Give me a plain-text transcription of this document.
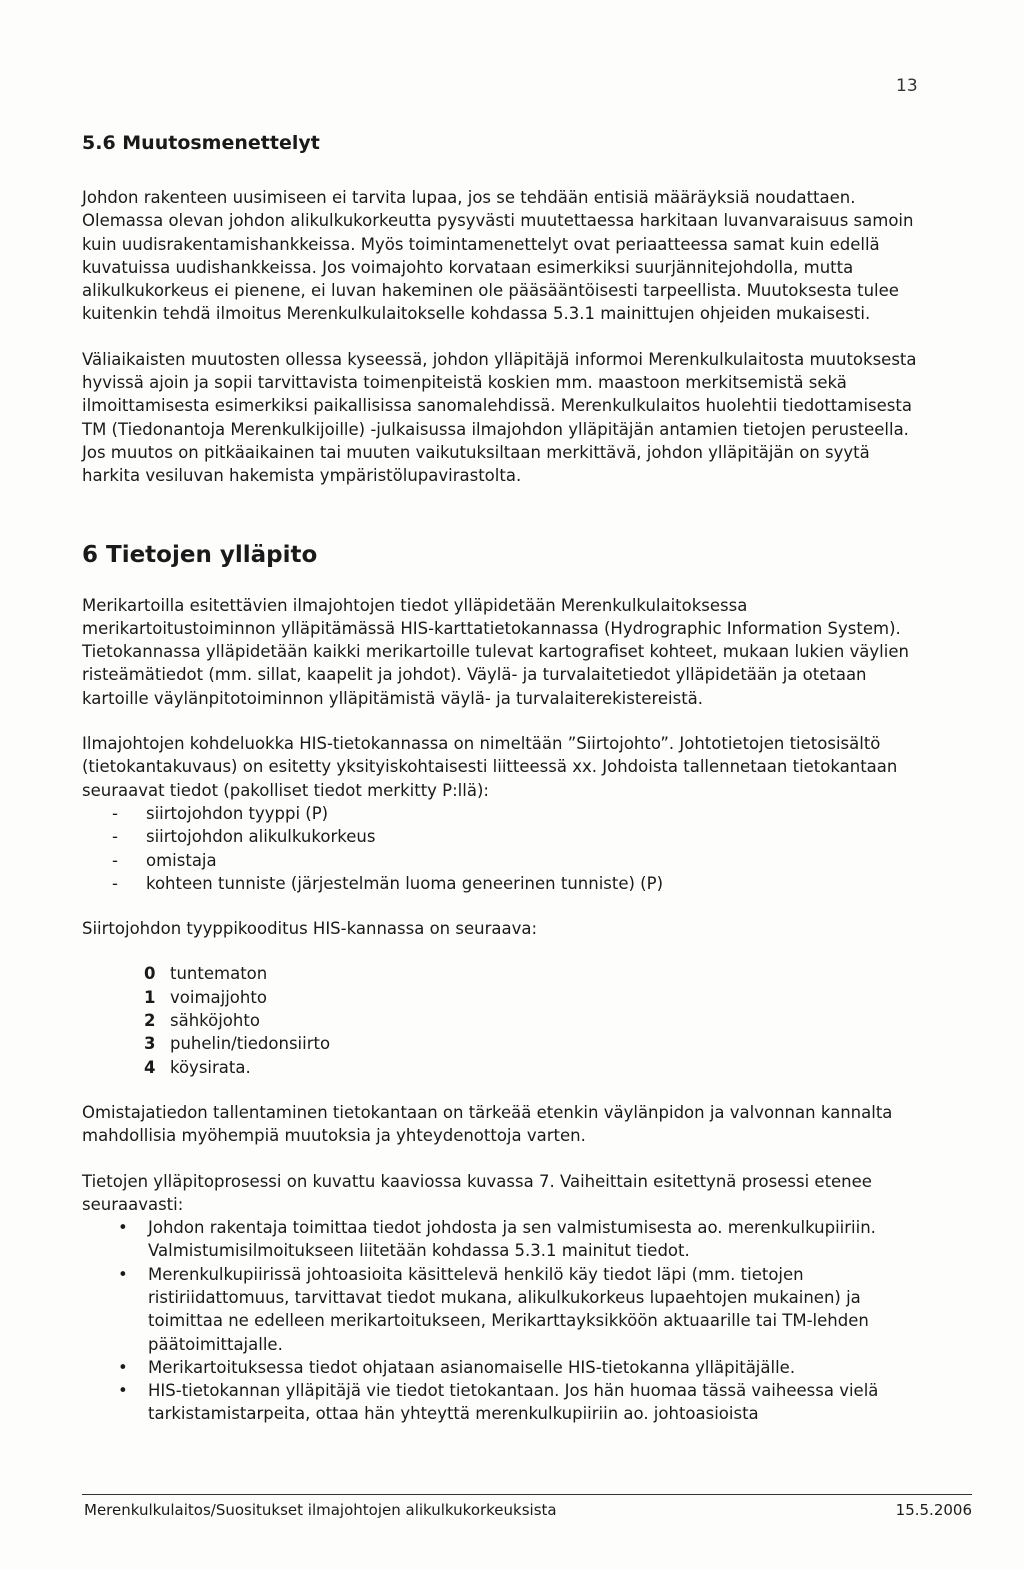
13
5.6 Muutosmenettelyt

Johdon rakenteen uusimiseen ei tarvita lupaa, jos se tehdään entisiä määräyksiä noudattaen. Olemassa olevan johdon alikulkukorkeutta pysyvästi muutettaessa harkitaan luvanvaraisuus samoin kuin uudisrakentamishankkeissa. Myös toimintamenettelyt ovat periaatteessa samat kuin edellä kuvatuissa uudishankkeissa. Jos voimajohto korvataan esimerkiksi suurjännitejohdolla, mutta alikulkukorkeus ei pienene, ei luvan hakeminen ole pääsääntöisesti tarpeellista. Muutoksesta tulee kuitenkin tehdä ilmoitus Merenkulkulaitokselle kohdassa 5.3.1 mainittujen ohjeiden mukaisesti.

Väliaikaisten muutosten ollessa kyseessä, johdon ylläpitäjä informoi Merenkulkulaitosta muutoksesta hyvissä ajoin ja sopii tarvittavista toimenpiteistä koskien mm. maastoon merkitsemistä sekä ilmoittamisesta esimerkiksi paikallisissa sanomalehdissä. Merenkulkulaitos huolehtii tiedottamisesta TM (Tiedonantoja Merenkulkijoille) -julkaisussa ilmajohdon ylläpitäjän antamien tietojen perusteella. Jos muutos on pitkäaikainen tai muuten vaikutuksiltaan merkittävä, johdon ylläpitäjän on syytä harkita vesiluvan hakemista ympäristölupavirastolta.

6 Tietojen ylläpito

Merikartoilla esitettävien ilmajohtojen tiedot ylläpidetään Merenkulkulaitoksessa merikartoitustoiminnon ylläpitämässä HIS-karttatietokannassa (Hydrographic Information System). Tietokannassa ylläpidetään kaikki merikartoille tulevat kartografiset kohteet, mukaan lukien väylien risteämätiedot (mm. sillat, kaapelit ja johdot). Väylä- ja turvalaitetiedot ylläpidetään ja otetaan kartoille väylänpitotoiminnon ylläpitämistä väylä- ja turvalaiterekistereistä.

Ilmajohtojen kohdeluokka HIS-tietokannassa on nimeltään ”Siirtojohto”. Johtotietojen tietosisältö (tietokantakuvaus) on esitetty yksityiskohtaisesti liitteessä xx. Johdoista tallennetaan tietokantaan seuraavat tiedot (pakolliset tiedot merkitty P:llä):

- siirtojohdon tyyppi (P)
- siirtojohdon alikulkukorkeus
- omistaja
- kohteen tunniste (järjestelmän luoma geneerinen tunniste) (P)

Siirtojohdon tyyppikooditus HIS-kannassa on seuraava:

0 tuntematon
1 voimajjohto
2 sähköjohto
3 puhelin/tiedonsiirto
4 köysirata.

Omistajatiedon tallentaminen tietokantaan on tärkeää etenkin väylänpidon ja valvonnan kannalta mahdollisia myöhempiä muutoksia ja yhteydenottoja varten.

Tietojen ylläpitoprosessi on kuvattu kaaviossa kuvassa 7. Vaiheittain esitettynä prosessi etenee seuraavasti:

• Johdon rakentaja toimittaa tiedot johdosta ja sen valmistumisesta ao. merenkulkupiiriin. Valmistumisilmoitukseen liitetään kohdassa 5.3.1 mainitut tiedot.
• Merenkulkupiirissä johtoasioita käsittelevä henkilö käy tiedot läpi (mm. tietojen ristiriidattomuus, tarvittavat tiedot mukana, alikulkukorkeus lupaehtojen mukainen) ja toimittaa ne edelleen merikartoitukseen, Merikarttayksikköön aktuaarille tai TM-lehden päätoimittajalle.
• Merikartoituksessa tiedot ohjataan asianomaiselle HIS-tietokanna ylläpitäjälle.
• HIS-tietokannan ylläpitäjä vie tiedot tietokantaan. Jos hän huomaa tässä vaiheessa vielä tarkistamistarpeita, ottaa hän yhteyttä merenkulkupiiriin ao. johtoasioista
Merenkulkulaitos/Suositukset ilmajohtojen alikulkukorkeuksista	15.5.2006
